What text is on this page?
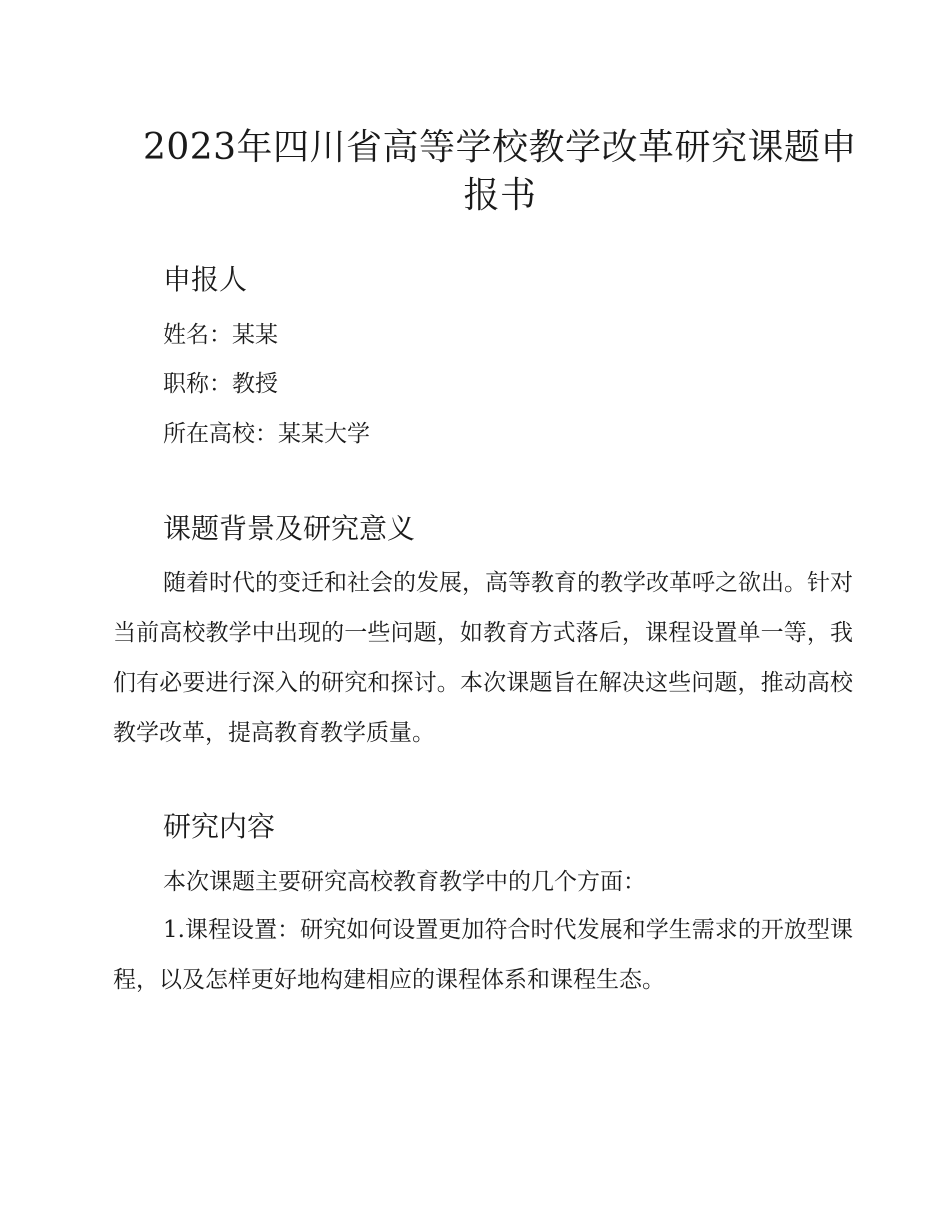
2023年四川省高等学校教学改革研究课题申报书
申报人
姓名：某某
职称：教授
所在高校：某某大学
课题背景及研究意义
随着时代的变迁和社会的发展，高等教育的教学改革呼之欲出。针对当前高校教学中出现的一些问题，如教育方式落后，课程设置单一等，我们有必要进行深入的研究和探讨。本次课题旨在解决这些问题，推动高校教学改革，提高教育教学质量。
研究内容
本次课题主要研究高校教育教学中的几个方面：
1.课程设置：研究如何设置更加符合时代发展和学生需求的开放型课程，以及怎样更好地构建相应的课程体系和课程生态。
